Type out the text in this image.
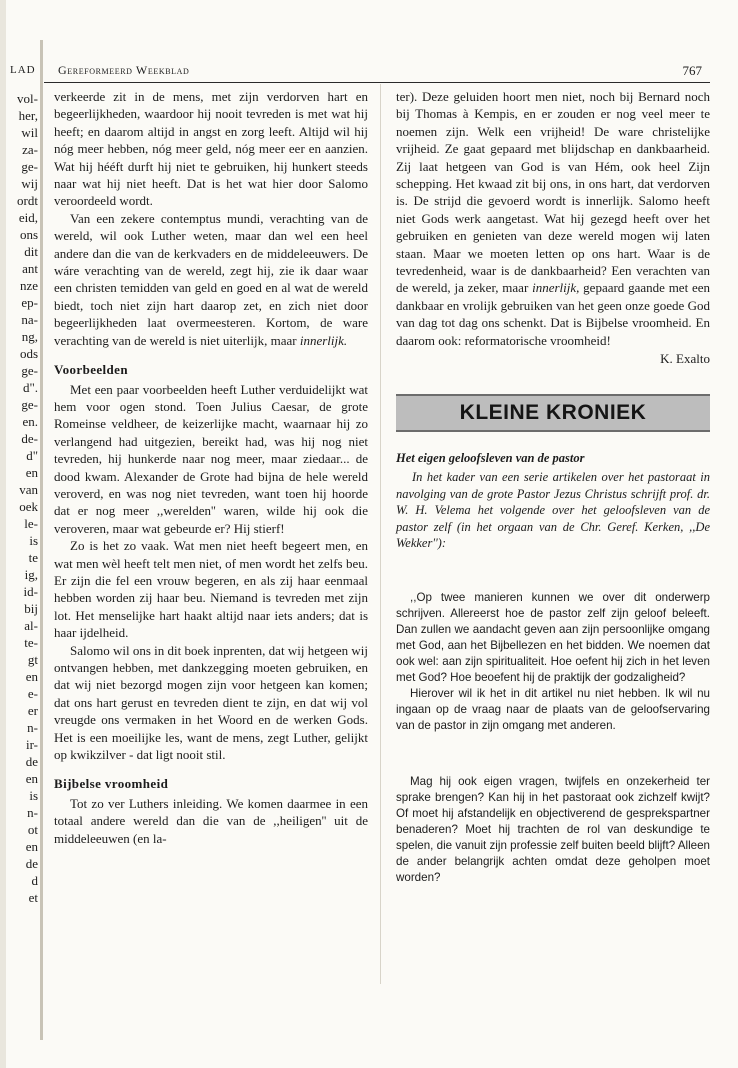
LAD Gereformeerd Weekblad	767
vol-
her,
wil
za-
ge-
wij
ordt
eid,
ons
dit
ant
nze
ep-
na-
ng,
ods
ge-
d".
ge-
en.
de-
d"
en
van
oek
le-
is
te
ig,
id-
bij
al-
te-
gt
en
e-
er
n-
ir-
de
en
is
n-
ot
en
de
d
et

verkeerde zit in de mens, met zijn verdorven hart en begeerlijkheden, waardoor hij nooit tevreden is met wat hij heeft; en daarom altijd in angst en zorg leeft. Altijd wil hij nóg meer hebben, nóg meer geld, nóg meer eer en aanzien. Wat hij hééft durft hij niet te gebruiken, hij hunkert steeds naar wat hij niet heeft. Dat is het wat hier door Salomo veroordeeld wordt.

Van een zekere contemptus mundi, verachting van de wereld, wil ook Luther weten, maar dan wel een heel andere dan die van de kerkvaders en de middeleeuwers. De wáre verachting van de wereld, zegt hij, zie ik daar waar een christen temidden van geld en goed en al wat de wereld biedt, toch niet zijn hart daarop zet, en zich niet door begeerlijkheden laat overmeesteren. Kortom, de ware verachting van de wereld is niet uiterlijk, maar innerlijk.

Voorbeelden

Met een paar voorbeelden heeft Luther verduidelijkt wat hem voor ogen stond. Toen Julius Caesar, de grote Romeinse veldheer, de keizerlijke macht, waarnaar hij zo verlangend had uitgezien, bereikt had, was hij nog niet tevreden, hij hunkerde naar nog meer, maar ziedaar... de dood kwam. Alexander de Grote had bijna de hele wereld veroverd, en was nog niet tevreden, want toen hij hoorde dat er nog meer ,,werelden'' waren, wilde hij ook die veroveren, maar wat gebeurde er? Hij stierf!

Zo is het zo vaak. Wat men niet heeft begeert men, en wat men wèl heeft telt men niet, of men wordt het zelfs beu. Er zijn die fel een vrouw begeren, en als zij haar eenmaal hebben worden zij haar beu. Niemand is tevreden met zijn lot. Het menselijke hart haakt altijd naar iets anders; dat is haar ijdelheid.

Salomo wil ons in dit boek inprenten, dat wij hetgeen wij ontvangen hebben, met dankzegging moeten gebruiken, en dat wij niet bezorgd mogen zijn voor hetgeen kan komen; dat ons hart gerust en tevreden dient te zijn, en dat wij vol vreugde ons vermaken in het Woord en de werken Gods. Het is een moeilijke les, want de mens, zegt Luther, gelijkt op kwikzilver - dat ligt nooit stil.

Bijbelse vroomheid

Tot zo ver Luthers inleiding. We komen daarmee in een totaal andere wereld dan die van de ,,heiligen'' uit de middeleeuwen (en la-

ter). Deze geluiden hoort men niet, noch bij Bernard noch bij Thomas à Kempis, en er zouden er nog veel meer te noemen zijn. Welk een vrijheid! De ware christelijke vrijheid. Ze gaat gepaard met blijdschap en dankbaarheid. Zij laat hetgeen van God is van Hém, ook heel Zijn schepping. Het kwaad zit bij ons, in ons hart, dat verdorven is. De strijd die gevoerd wordt is innerlijk. Salomo heeft niet Gods werk aangetast. Wat hij gezegd heeft over het gebruiken en genieten van deze wereld mogen wij laten staan. Maar we moeten letten op ons hart. Waar is de tevredenheid, waar is de dankbaarheid? Een verachten van de wereld, ja zeker, maar innerlijk, gepaard gaande met een dankbaar en vrolijk gebruiken van het geen onze goede God van dag tot dag ons schenkt. Dat is Bijbelse vroomheid. En daarom ook: reformatorische vroomheid!

K. Exalto
KLEINE KRONIEK
Het eigen geloofsleven van de pastor
In het kader van een serie artikelen over het pastoraat in navolging van de grote Pastor Jezus Christus schrijft prof. dr. W. H. Velema het volgende over het geloofsleven van de pastor zelf (in het orgaan van de Chr. Geref. Kerken, ,,De Wekker''):

,,Op twee manieren kunnen we over dit onderwerp schrijven. Allereerst hoe de pastor zelf zijn geloof beleeft. Dan zullen we aandacht geven aan zijn persoonlijke omgang met God, aan het Bijbellezen en het bidden. We noemen dat ook wel: aan zijn spiritualiteit. Hoe oefent hij zich in het leven met God? Hoe beoefent hij de praktijk der godzaligheid?

Hierover wil ik het in dit artikel nu niet hebben. Ik wil nu ingaan op de vraag naar de plaats van de geloofservaring van de pastor in zijn omgang met anderen.

Mag hij ook eigen vragen, twijfels en onzekerheid ter sprake brengen? Kan hij in het pastoraat ook zichzelf kwijt? Of moet hij afstandelijk en objectiverend de gesprekspartner benaderen? Moet hij trachten de rol van deskundige te spelen, die vanuit zijn professie zelf buiten beeld blijft? Alleen de ander belangrijk achten omdat deze geholpen moet worden?
